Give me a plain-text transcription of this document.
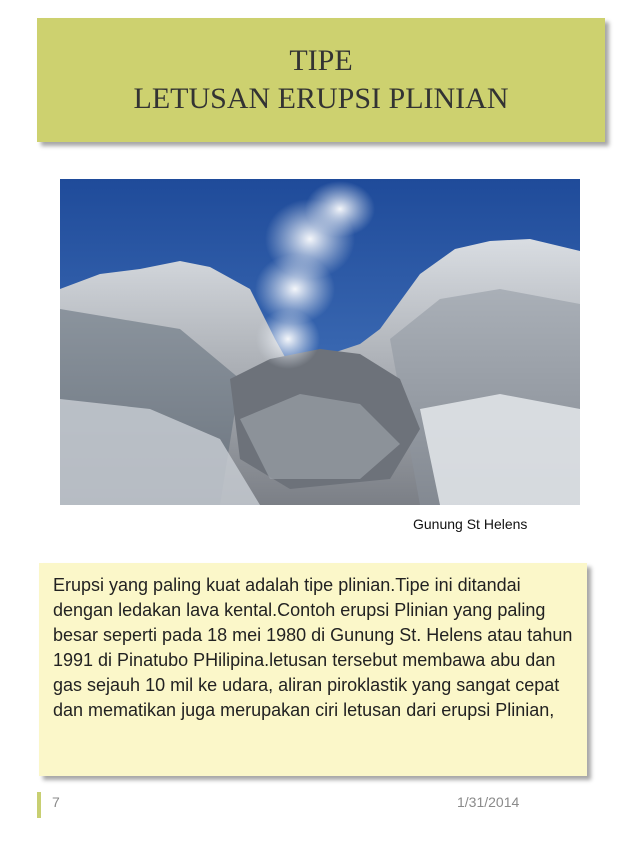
TIPE
LETUSAN ERUPSI PLINIAN
Gunung St Helens

Erupsi yang paling kuat adalah tipe plinian.Tipe ini ditandai dengan ledakan lava kental.Contoh erupsi Plinian yang paling besar seperti pada 18 mei 1980 di Gunung St. Helens atau tahun 1991 di Pinatubo PHilipina.letusan tersebut membawa abu dan gas sejauh 10 mil ke udara, aliran piroklastik yang sangat cepat dan mematikan juga merupakan ciri letusan dari erupsi Plinian,

7	1/31/2014
